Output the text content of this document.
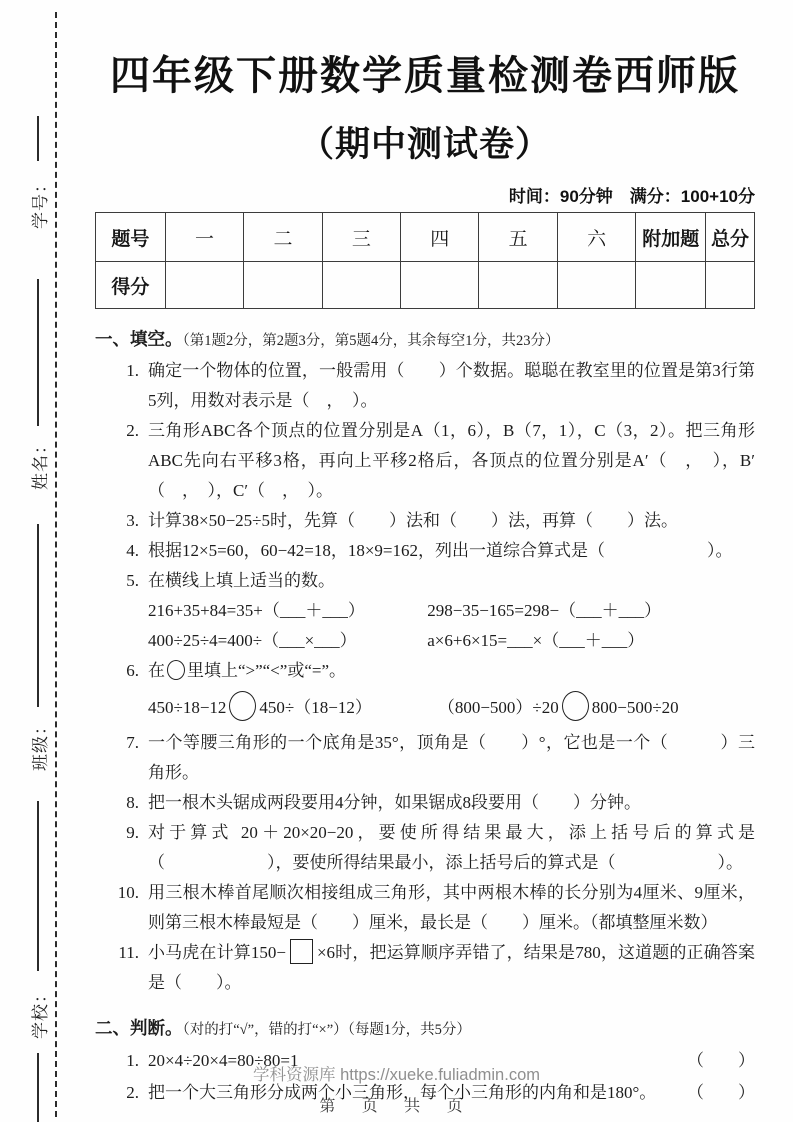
学校：
班级：
姓名：
学号：
四年级下册数学质量检测卷西师版
（期中测试卷）
时间：90分钟　满分：100+10分
题号	一	二	三	四	五	六	附加题	总分
得分								
一、填空。（第1题2分，第2题3分，第5题4分，其余每空1分，共23分）
1. 确定一个物体的位置，一般需用（　　）个数据。聪聪在教室里的位置是第3行第5列，用数对表示是（　，　）。
2. 三角形ABC各个顶点的位置分别是A（1，6），B（7，1），C（3，2）。把三角形ABC先向右平移3格，再向上平移2格后，各顶点的位置分别是A′（　，　），B′（　，　），C′（　，　）。
3. 计算38×50−25÷5时，先算（　　）法和（　　）法，再算（　　）法。
4. 根据12×5=60，60−42=18，18×9=162，列出一道综合算式是（　　　　　　）。
5. 在横线上填上适当的数。
216+35+84=35+（___＋___）	298−35−165=298−（___＋___）
400÷25÷4=400÷（___×___）	a×6+6×15=___×（___＋___）
6. 在 里填上“>”“<”或“=”。
450÷18−12 450÷（18−12）	（800−500）÷20 800−500÷20
7. 一个等腰三角形的一个底角是35°，顶角是（　　）°，它也是一个（　　　）三角形。
8. 把一根木头锯成两段要用4分钟，如果锯成8段要用（　　）分钟。
9. 对于算式 20＋20×20−20，要使所得结果最大，添上括号后的算式是（　　　　　　），要使所得结果最小，添上括号后的算式是（　　　　　　）。
10. 用三根木棒首尾顺次相接组成三角形，其中两根木棒的长分别为4厘米、9厘米，则第三根木棒最短是（　　）厘米，最长是（　　）厘米。（都填整厘米数）
11. 小马虎在计算150− ×6时，把运算顺序弄错了，结果是780，这道题的正确答案是（　　）。
二、判断。（对的打“√”，错的打“×”）（每题1分，共5分）
1. 20×4÷20×4=80÷80=1	（　　）
2. 把一个大三角形分成两个小三角形，每个小三角形的内角和是180°。 （　　）
学科资源库 https://xueke.fuliadmin.com
第 页 共 页
